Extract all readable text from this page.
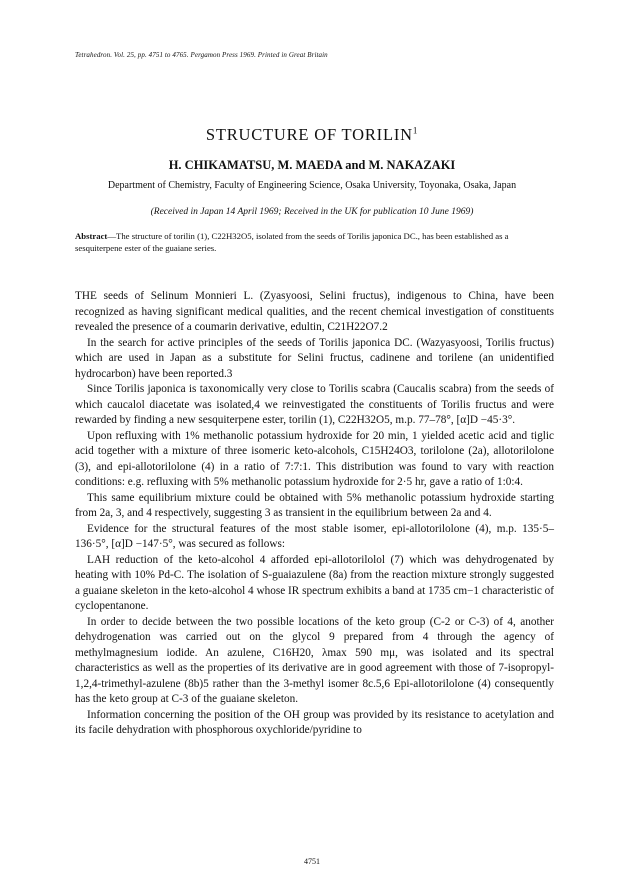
Tetrahedron. Vol. 25, pp. 4751 to 4765. Pergamon Press 1969. Printed in Great Britain
STRUCTURE OF TORILIN$^1$
H. CHIKAMATSU, M. MAEDA and M. NAKAZAKI
Department of Chemistry, Faculty of Engineering Science, Osaka University, Toyonaka, Osaka, Japan
(Received in Japan 14 April 1969; Received in the UK for publication 10 June 1969)
Abstract—The structure of torilin (1), C22H32O5, isolated from the seeds of Torilis japonica DC., has been established as a sesquiterpene ester of the guaiane series.

THE seeds of Selinum Monnieri L. (Zyasyoosi, Selini fructus), indigenous to China, have been recognized as having significant medical qualities, and the recent chemical investigation of constituents revealed the presence of a coumarin derivative, edultin, C21H22O7.2

In the search for active principles of the seeds of Torilis japonica DC. (Wazyasyoosi, Torilis fructus) which are used in Japan as a substitute for Selini fructus, cadinene and torilene (an unidentified hydrocarbon) have been reported.3

Since Torilis japonica is taxonomically very close to Torilis scabra (Caucalis scabra) from the seeds of which caucalol diacetate was isolated,4 we reinvestigated the constituents of Torilis fructus and were rewarded by finding a new sesquiterpene ester, torilin (1), C22H32O5, m.p. 77–78°, [α]D −45·3°.

Upon refluxing with 1% methanolic potassium hydroxide for 20 min, 1 yielded acetic acid and tiglic acid together with a mixture of three isomeric keto-alcohols, C15H24O3, torilolone (2a), allotorilolone (3), and epi-allotorilolone (4) in a ratio of 7:7:1. This distribution was found to vary with reaction conditions: e.g. refluxing with 5% methanolic potassium hydroxide for 2·5 hr, gave a ratio of 1:0:4.

This same equilibrium mixture could be obtained with 5% methanolic potassium hydroxide starting from 2a, 3, and 4 respectively, suggesting 3 as transient in the equilibrium between 2a and 4.

Evidence for the structural features of the most stable isomer, epi-allotorilolone (4), m.p. 135·5–136·5°, [α]D −147·5°, was secured as follows:

LAH reduction of the keto-alcohol 4 afforded epi-allotorilolol (7) which was dehydrogenated by heating with 10% Pd-C. The isolation of S-guaiazulene (8a) from the reaction mixture strongly suggested a guaiane skeleton in the keto-alcohol 4 whose IR spectrum exhibits a band at 1735 cm−1 characteristic of cyclopentanone.

In order to decide between the two possible locations of the keto group (C-2 or C-3) of 4, another dehydrogenation was carried out on the glycol 9 prepared from 4 through the agency of methylmagnesium iodide. An azulene, C16H20, λmax 590 mμ, was isolated and its spectral characteristics as well as the properties of its derivative are in good agreement with those of 7-isopropyl-1,2,4-trimethyl-azulene (8b)5 rather than the 3-methyl isomer 8c.5,6 Epi-allotorilolone (4) consequently has the keto group at C-3 of the guaiane skeleton.

Information concerning the position of the OH group was provided by its resistance to acetylation and its facile dehydration with phosphorous oxychloride/pyridine to

4751
